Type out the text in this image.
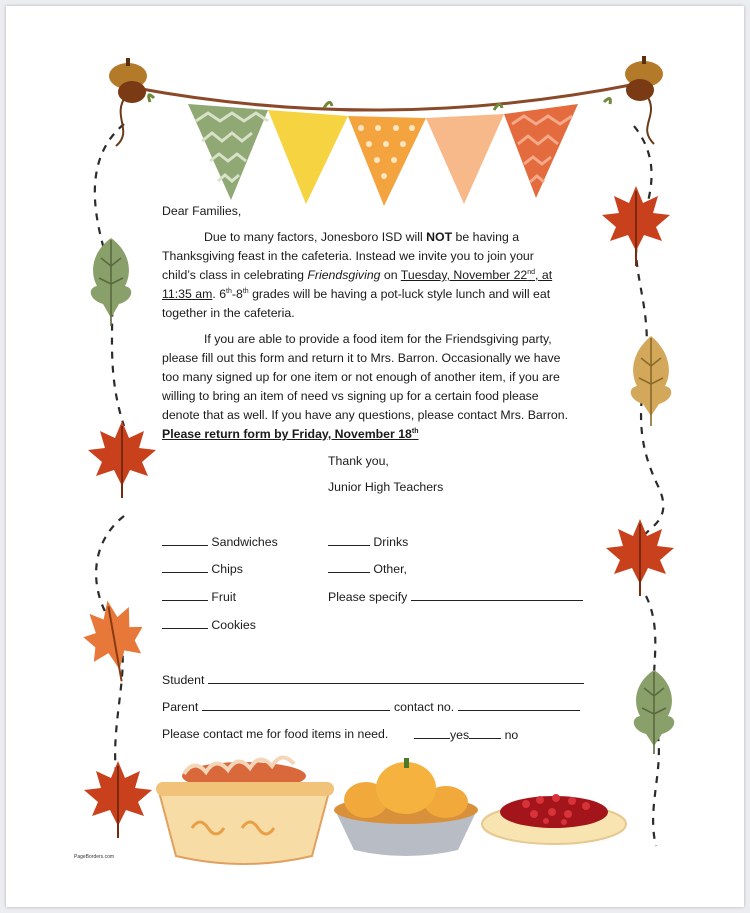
Dear Families,
Due to many factors, Jonesboro ISD will NOT be having a
Thanksgiving feast in the cafeteria. Instead we invite you to join your
child’s class in celebrating Friendsgiving on Tuesday, November 22nd, at
11:35 am. 6th-8th grades will be having a pot-luck style lunch and will eat
together in the cafeteria.
If you are able to provide a food item for the Friendsgiving party,
please fill out this form and return it to Mrs. Barron. Occasionally we have
too many signed up for one item or not enough of another item, if you are
willing to bring an item of need vs signing up for a certain food please
denote that as well. If you have any questions, please contact Mrs. Barron.
Please return form by Friday, November 18th
Thank you,
Junior High Teachers
Sandwiches
Chips
Fruit
Cookies
Drinks
Other,
Please specify
Student
Parent	contact no.
Please contact me for food items in need.	yes	no
PageBorders.com
